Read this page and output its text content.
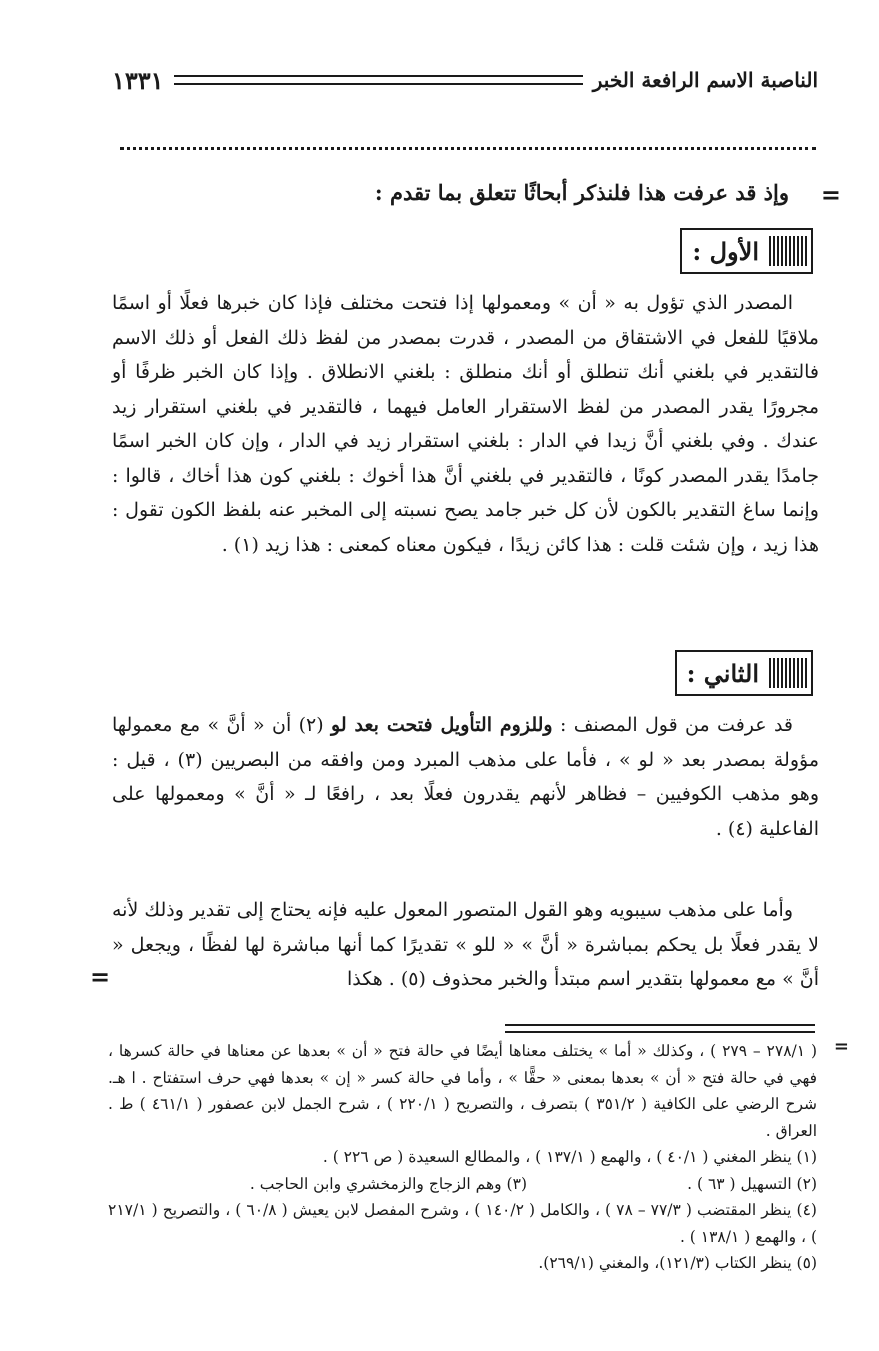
الناصبة الاسم الرافعة الخبر
١٣٣١
=
وإذ قد عرفت هذا فلنذكر أبحاثًا تتعلق بما تقدم :
الأول :

المصدر الذي تؤول به « أن » ومعمولها إذا فتحت مختلف فإذا كان خبرها فعلًا أو اسمًا ملاقيًا للفعل في الاشتقاق من المصدر ، قدرت بمصدر من لفظ ذلك الفعل أو ذلك الاسم فالتقدير في بلغني أنك تنطلق أو أنك منطلق : بلغني الانطلاق . وإذا كان الخبر ظرفًا أو مجرورًا يقدر المصدر من لفظ الاستقرار العامل فيهما ، فالتقدير في بلغني استقرار زيد عندك . وفي بلغني أنَّ زيدا في الدار : بلغني استقرار زيد في الدار ، وإن كان الخبر اسمًا جامدًا يقدر المصدر كونًا ، فالتقدير في بلغني أنَّ هذا أخوك : بلغني كون هذا أخاك ، قالوا : وإنما ساغ التقدير بالكون لأن كل خبر جامد يصح نسبته إلى المخبر عنه بلفظ الكون تقول : هذا زيد ، وإن شئت قلت : هذا كائن زيدًا ، فيكون معناه كمعنى : هذا زيد (١) .

الثاني :

قد عرفت من قول المصنف : وللزوم التأويل فتحت بعد لو (٢) أن « أنَّ » مع معمولها مؤولة بمصدر بعد « لو » ، فأما على مذهب المبرد ومن وافقه من البصريين (٣) ، قيل : وهو مذهب الكوفيين – فظاهر لأنهم يقدرون فعلًا بعد ، رافعًا لـ « أنَّ » ومعمولها على الفاعلية (٤) .

وأما على مذهب سيبويه وهو القول المتصور المعول عليه فإنه يحتاج إلى تقدير وذلك لأنه لا يقدر فعلًا بل يحكم بمباشرة « أنَّ » « للو » تقديرًا كما أنها مباشرة لها لفظًا ، ويجعل « أنَّ » مع معمولها بتقدير اسم مبتدأ والخبر محذوف (٥) . هكذا

=
=
( ٢٧٨/١ – ٢٧٩ ) ، وكذلك « أما » يختلف معناها أيضًا في حالة فتح « أن » بعدها عن معناها في حالة كسرها ، فهي في حالة فتح « أن » بعدها بمعنى « حقًّا » ، وأما في حالة كسر « إن » بعدها فهي حرف استفتاح . ا هـ. شرح الرضي على الكافية ( ٣٥١/٢ ) بتصرف ، والتصريح ( ٢٢٠/١ ) ، شرح الجمل لابن عصفور ( ٤٦١/١ ) ط . العراق .
(١) ينظر المغني ( ٤٠/١ ) ، والهمع ( ١٣٧/١ ) ، والمطالع السعيدة ( ص ٢٢٦ ) .
(٢) التسهيل ( ٦٣ ) .
(٣) وهم الزجاج والزمخشري وابن الحاجب .
(٤) ينظر المقتضب ( ٧٧/٣ – ٧٨ ) ، والكامل ( ١٤٠/٢ ) ، وشرح المفصل لابن يعيش ( ٦٠/٨ ) ، والتصريح ( ٢١٧/١ ) ، والهمع ( ١٣٨/١ ) .
(٥) ينظر الكتاب (١٢١/٣)، والمغني (٢٦٩/١).
